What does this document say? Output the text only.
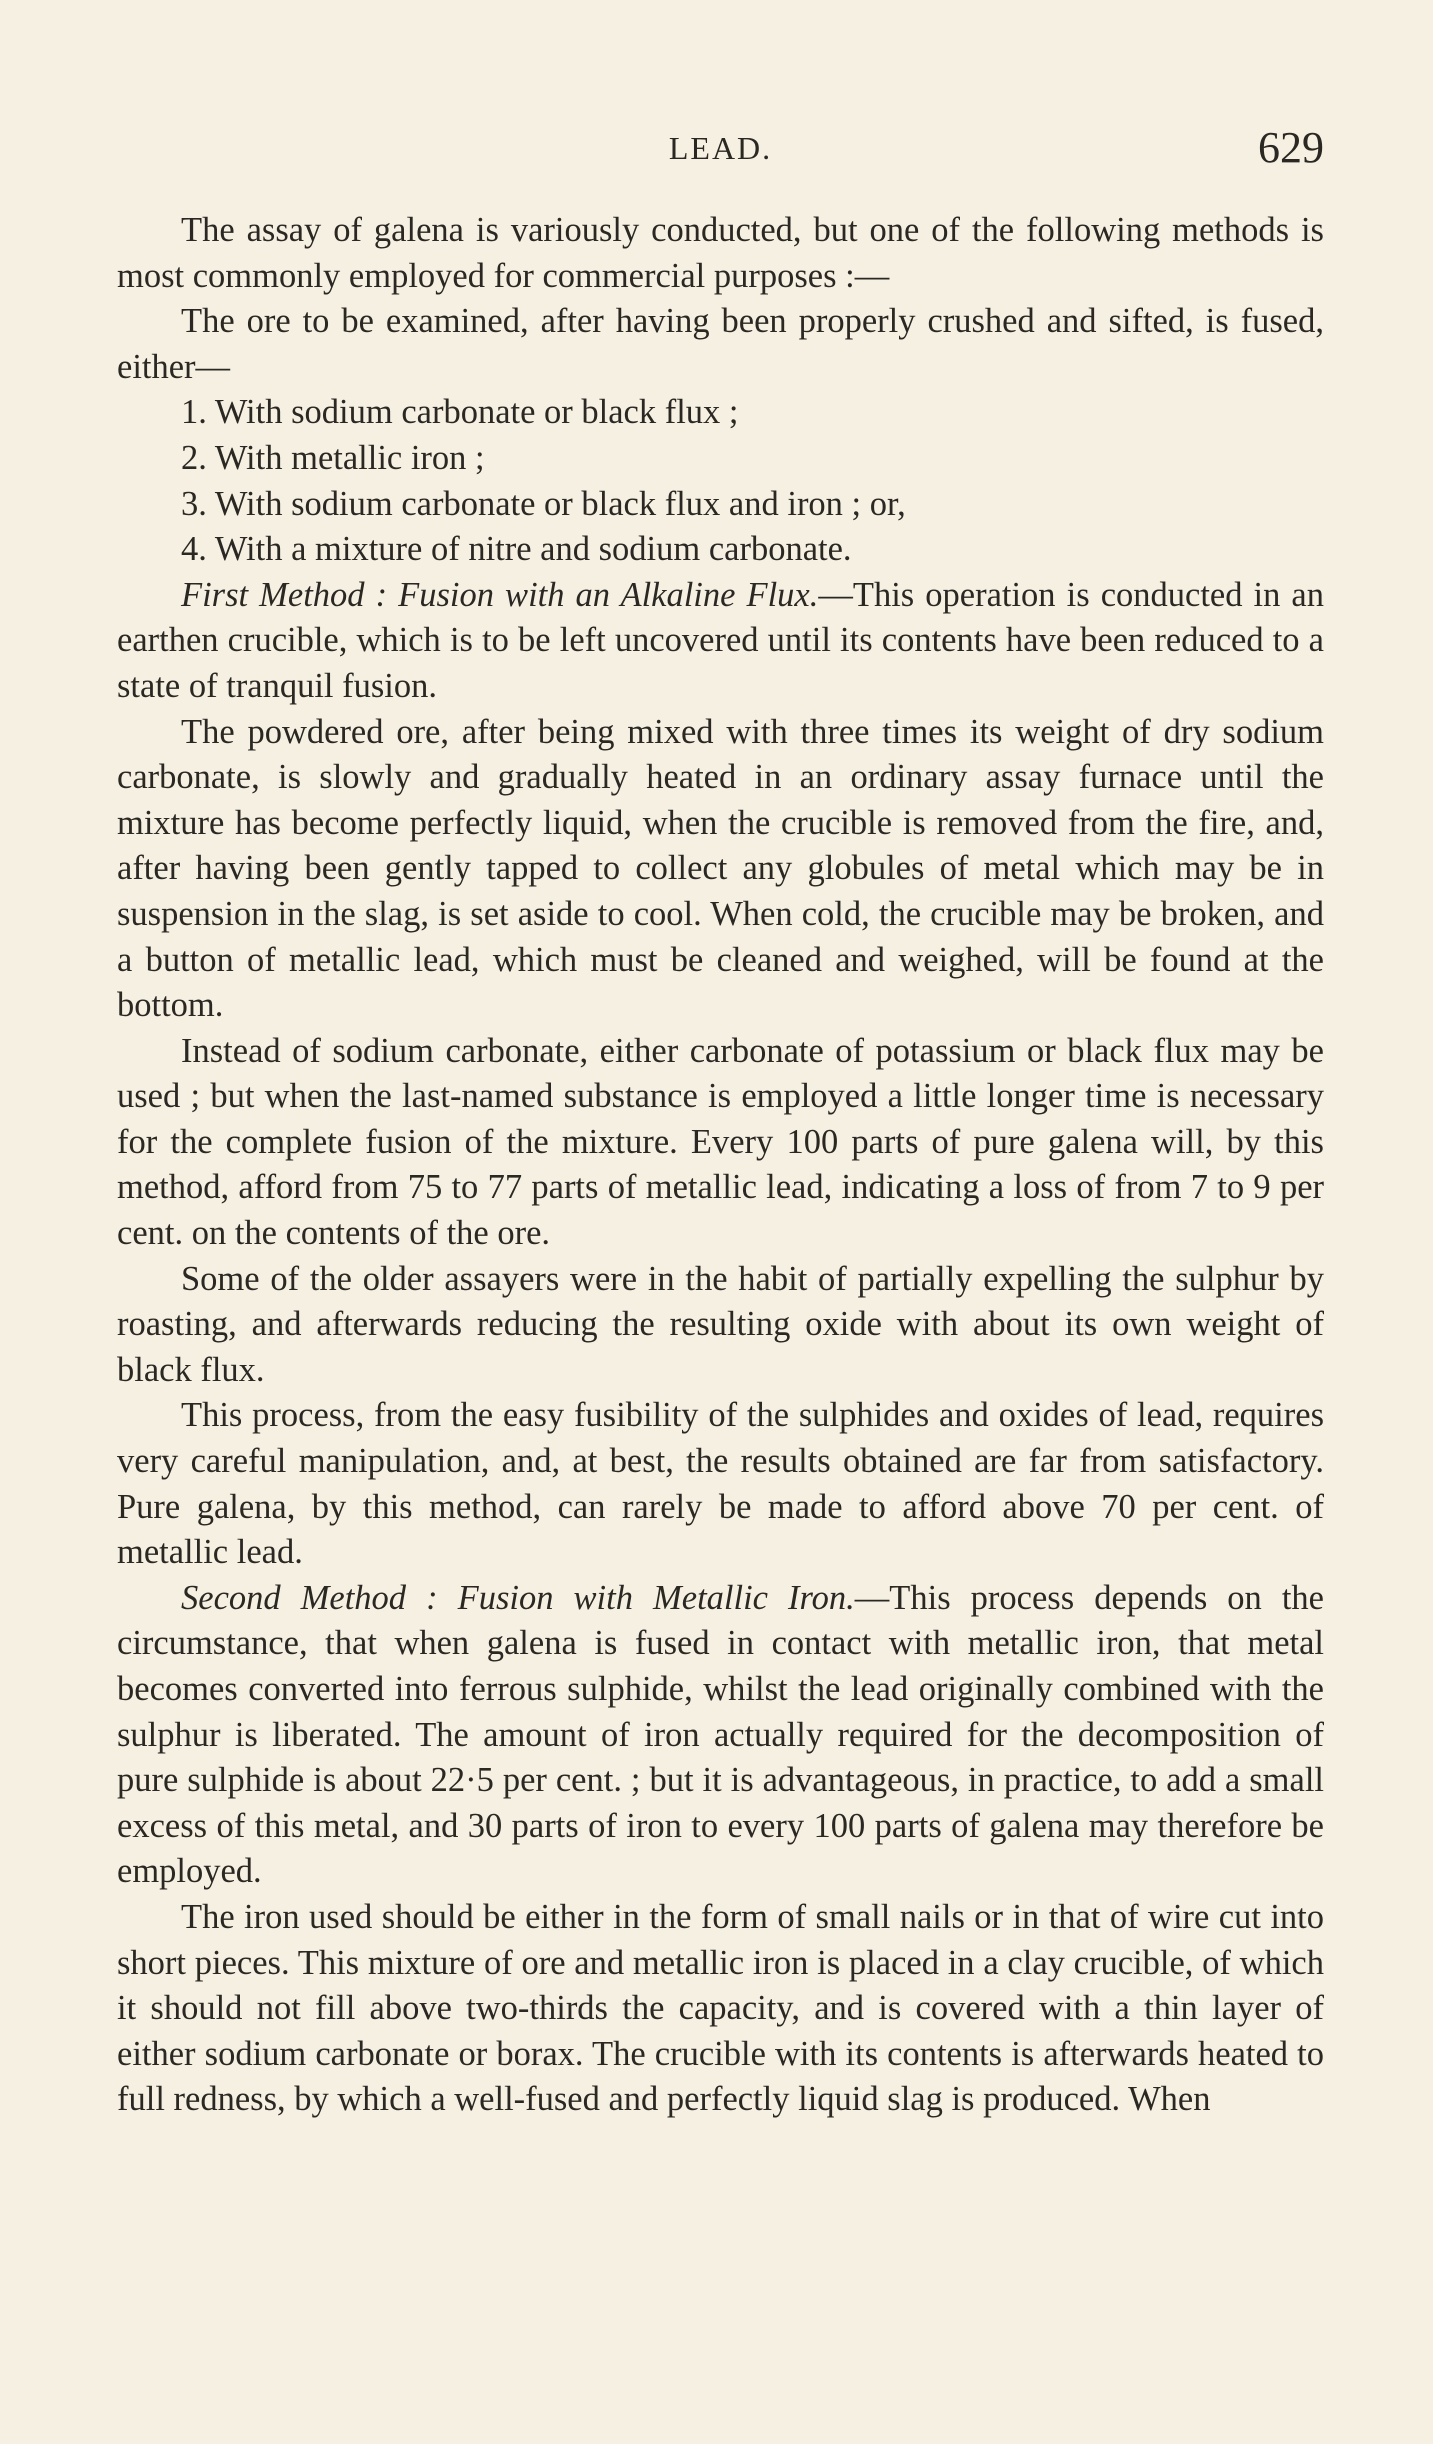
LEAD.	629

The assay of galena is variously conducted, but one of the following methods is most commonly employed for commercial purposes :—

The ore to be examined, after having been properly crushed and sifted, is fused, either—

1. With sodium carbonate or black flux ;

2. With metallic iron ;

3. With sodium carbonate or black flux and iron ; or,

4. With a mixture of nitre and sodium carbonate.

First Method : Fusion with an Alkaline Flux.—This operation is conducted in an earthen crucible, which is to be left uncovered until its contents have been reduced to a state of tranquil fusion.

The powdered ore, after being mixed with three times its weight of dry sodium carbonate, is slowly and gradually heated in an ordinary assay furnace until the mixture has become perfectly liquid, when the crucible is removed from the fire, and, after having been gently tapped to collect any globules of metal which may be in suspension in the slag, is set aside to cool. When cold, the crucible may be broken, and a button of metallic lead, which must be cleaned and weighed, will be found at the bottom.

Instead of sodium carbonate, either carbonate of potassium or black flux may be used ; but when the last-named substance is employed a little longer time is necessary for the complete fusion of the mixture. Every 100 parts of pure galena will, by this method, afford from 75 to 77 parts of metallic lead, indicating a loss of from 7 to 9 per cent. on the contents of the ore.

Some of the older assayers were in the habit of partially expelling the sulphur by roasting, and afterwards reducing the resulting oxide with about its own weight of black flux.

This process, from the easy fusibility of the sulphides and oxides of lead, requires very careful manipulation, and, at best, the results obtained are far from satisfactory. Pure galena, by this method, can rarely be made to afford above 70 per cent. of metallic lead.

Second Method : Fusion with Metallic Iron.—This process depends on the circumstance, that when galena is fused in contact with metallic iron, that metal becomes converted into ferrous sulphide, whilst the lead originally combined with the sulphur is liberated. The amount of iron actually required for the decomposition of pure sulphide is about 22·5 per cent. ; but it is advantageous, in practice, to add a small excess of this metal, and 30 parts of iron to every 100 parts of galena may therefore be employed.

The iron used should be either in the form of small nails or in that of wire cut into short pieces. This mixture of ore and metallic iron is placed in a clay crucible, of which it should not fill above two-thirds the capacity, and is covered with a thin layer of either sodium carbonate or borax. The crucible with its contents is afterwards heated to full redness, by which a well-fused and perfectly liquid slag is produced. When
